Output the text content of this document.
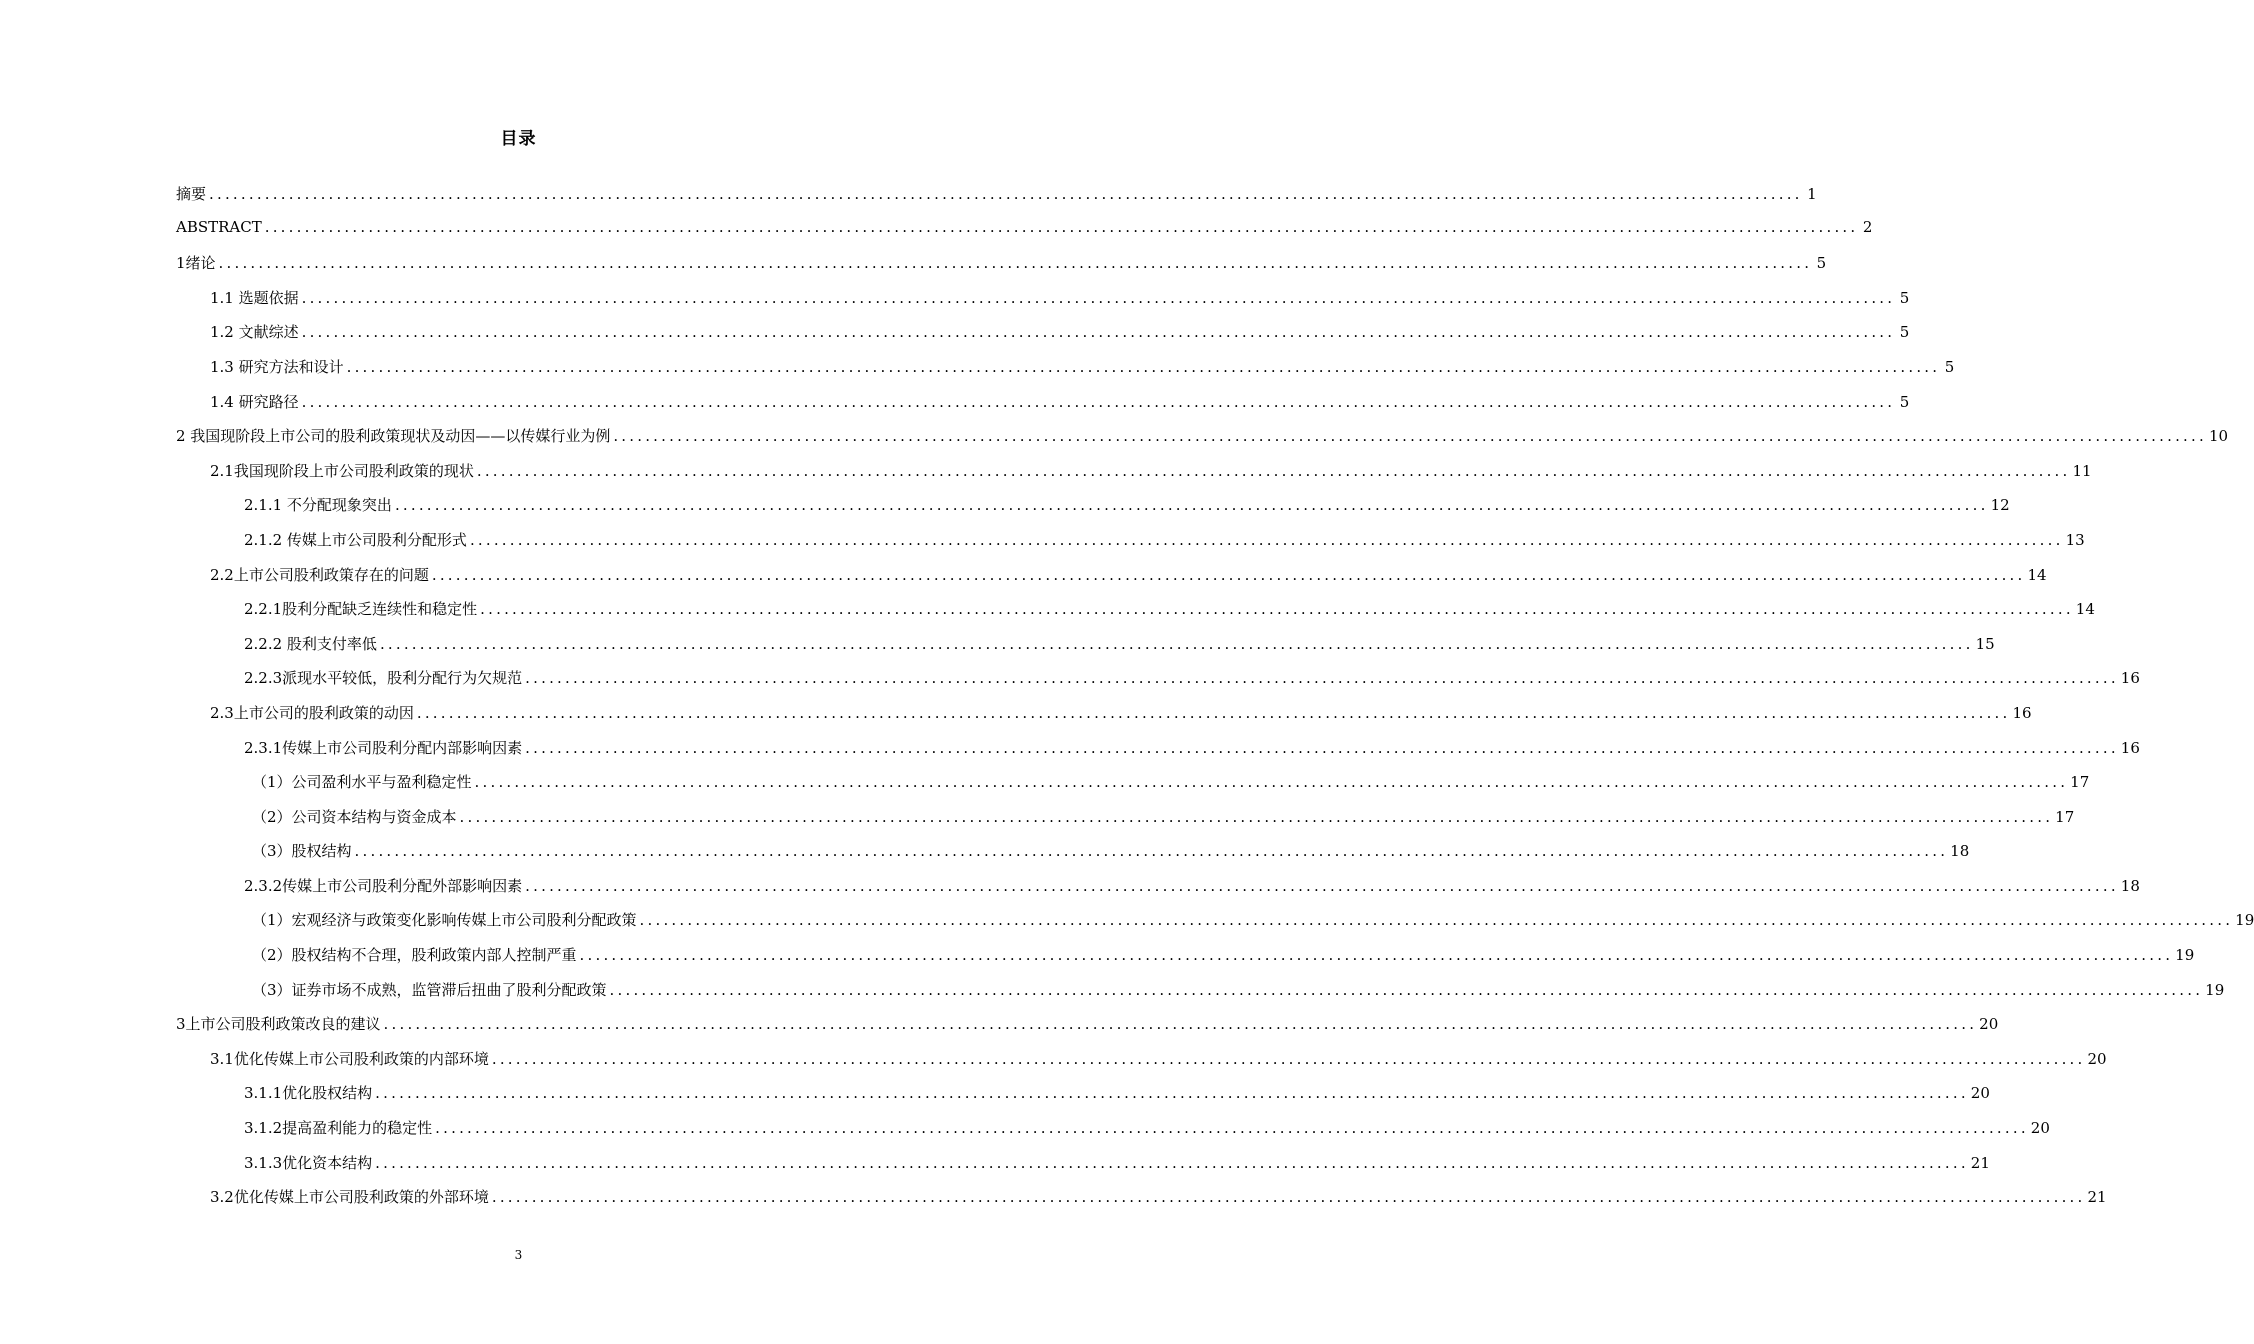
目录
摘要 ........................................................................................................................................................................................................ 1
ABSTRACT ........................................................................................................................................................................................................ 2
1绪论 ........................................................................................................................................................................................................ 5
1.1 选题依据 ........................................................................................................................................................................................................ 5
1.2 文献综述 ........................................................................................................................................................................................................ 5
1.3 研究方法和设计 ........................................................................................................................................................................................................ 5
1.4 研究路径 ........................................................................................................................................................................................................ 5
2 我国现阶段上市公司的股利政策现状及动因——以传媒行业为例 ........................................................................................................................................................................................................ 10
2.1我国现阶段上市公司股利政策的现状 ........................................................................................................................................................................................................ 11
2.1.1 不分配现象突出 ........................................................................................................................................................................................................ 12
2.1.2 传媒上市公司股利分配形式 ........................................................................................................................................................................................................ 13
2.2上市公司股利政策存在的问题 ........................................................................................................................................................................................................ 14
2.2.1股利分配缺乏连续性和稳定性 ........................................................................................................................................................................................................ 14
2.2.2 股利支付率低 ........................................................................................................................................................................................................ 15
2.2.3派现水平较低，股利分配行为欠规范 ........................................................................................................................................................................................................ 16
2.3上市公司的股利政策的动因 ........................................................................................................................................................................................................ 16
2.3.1传媒上市公司股利分配内部影响因素 ........................................................................................................................................................................................................ 16
（1）公司盈利水平与盈利稳定性 ........................................................................................................................................................................................................ 17
（2）公司资本结构与资金成本 ........................................................................................................................................................................................................ 17
（3）股权结构 ........................................................................................................................................................................................................ 18
2.3.2传媒上市公司股利分配外部影响因素 ........................................................................................................................................................................................................ 18
（1）宏观经济与政策变化影响传媒上市公司股利分配政策 ........................................................................................................................................................................................................ 19
（2）股权结构不合理，股利政策内部人控制严重 ........................................................................................................................................................................................................ 19
（3）证券市场不成熟，监管滞后扭曲了股利分配政策 ........................................................................................................................................................................................................ 19
3上市公司股利政策改良的建议 ........................................................................................................................................................................................................ 20
3.1优化传媒上市公司股利政策的内部环境 ........................................................................................................................................................................................................ 20
3.1.1优化股权结构 ........................................................................................................................................................................................................ 20
3.1.2提高盈利能力的稳定性 ........................................................................................................................................................................................................ 20
3.1.3优化资本结构 ........................................................................................................................................................................................................ 21
3.2优化传媒上市公司股利政策的外部环境 ........................................................................................................................................................................................................ 21
3
